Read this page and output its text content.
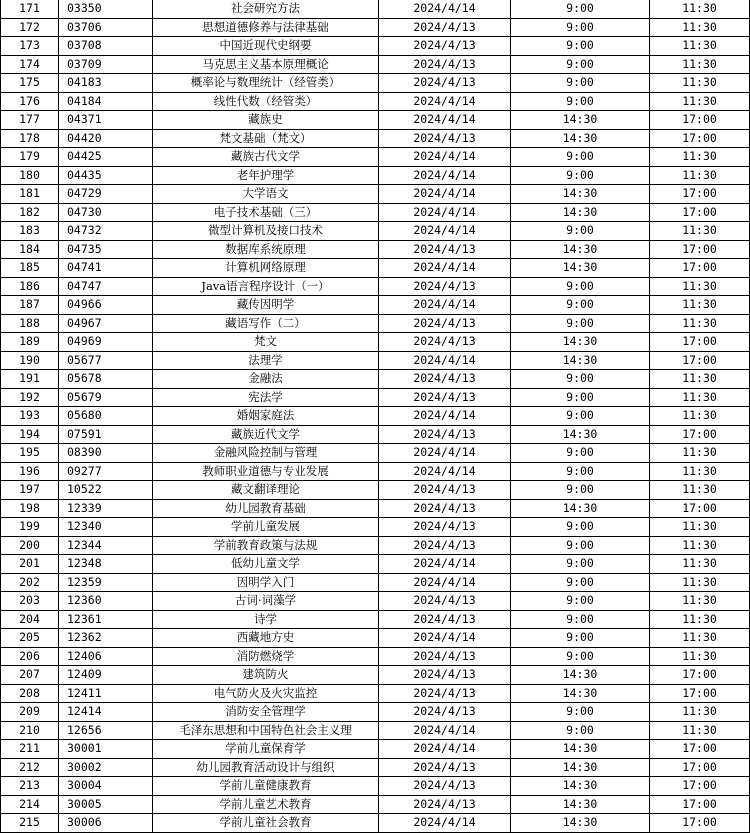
171	03350	社会研究方法	2024/4/14	9:00	11:30
172	03706	思想道德修养与法律基础	2024/4/13	9:00	11:30
173	03708	中国近现代史纲要	2024/4/13	9:00	11:30
174	03709	马克思主义基本原理概论	2024/4/13	9:00	11:30
175	04183	概率论与数理统计（经管类）	2024/4/13	9:00	11:30
176	04184	线性代数（经管类）	2024/4/14	9:00	11:30
177	04371	藏族史	2024/4/14	14:30	17:00
178	04420	梵文基础（梵文）	2024/4/13	14:30	17:00
179	04425	藏族古代文学	2024/4/14	9:00	11:30
180	04435	老年护理学	2024/4/14	9:00	11:30
181	04729	大学语文	2024/4/14	14:30	17:00
182	04730	电子技术基础（三）	2024/4/14	14:30	17:00
183	04732	微型计算机及接口技术	2024/4/14	9:00	11:30
184	04735	数据库系统原理	2024/4/13	14:30	17:00
185	04741	计算机网络原理	2024/4/14	14:30	17:00
186	04747	Java语言程序设计（一）	2024/4/13	9:00	11:30
187	04966	藏传因明学	2024/4/14	9:00	11:30
188	04967	藏语写作（二）	2024/4/13	9:00	11:30
189	04969	梵文	2024/4/13	14:30	17:00
190	05677	法理学	2024/4/14	14:30	17:00
191	05678	金融法	2024/4/13	9:00	11:30
192	05679	宪法学	2024/4/13	9:00	11:30
193	05680	婚姻家庭法	2024/4/14	9:00	11:30
194	07591	藏族近代文学	2024/4/13	14:30	17:00
195	08390	金融风险控制与管理	2024/4/14	9:00	11:30
196	09277	教师职业道德与专业发展	2024/4/14	9:00	11:30
197	10522	藏文翻译理论	2024/4/13	9:00	11:30
198	12339	幼儿园教育基础	2024/4/13	14:30	17:00
199	12340	学前儿童发展	2024/4/13	9:00	11:30
200	12344	学前教育政策与法规	2024/4/13	9:00	11:30
201	12348	低幼儿童文学	2024/4/14	9:00	11:30
202	12359	因明学入门	2024/4/14	9:00	11:30
203	12360	古词·词藻学	2024/4/13	9:00	11:30
204	12361	诗学	2024/4/13	9:00	11:30
205	12362	西藏地方史	2024/4/14	9:00	11:30
206	12406	消防燃烧学	2024/4/13	9:00	11:30
207	12409	建筑防火	2024/4/13	14:30	17:00
208	12411	电气防火及火灾监控	2024/4/13	14:30	17:00
209	12414	消防安全管理学	2024/4/13	9:00	11:30
210	12656	毛泽东思想和中国特色社会主义理	2024/4/14	9:00	11:30
211	30001	学前儿童保育学	2024/4/14	14:30	17:00
212	30002	幼儿园教育活动设计与组织	2024/4/13	14:30	17:00
213	30004	学前儿童健康教育	2024/4/13	14:30	17:00
214	30005	学前儿童艺术教育	2024/4/13	14:30	17:00
215	30006	学前儿童社会教育	2024/4/14	14:30	17:00
